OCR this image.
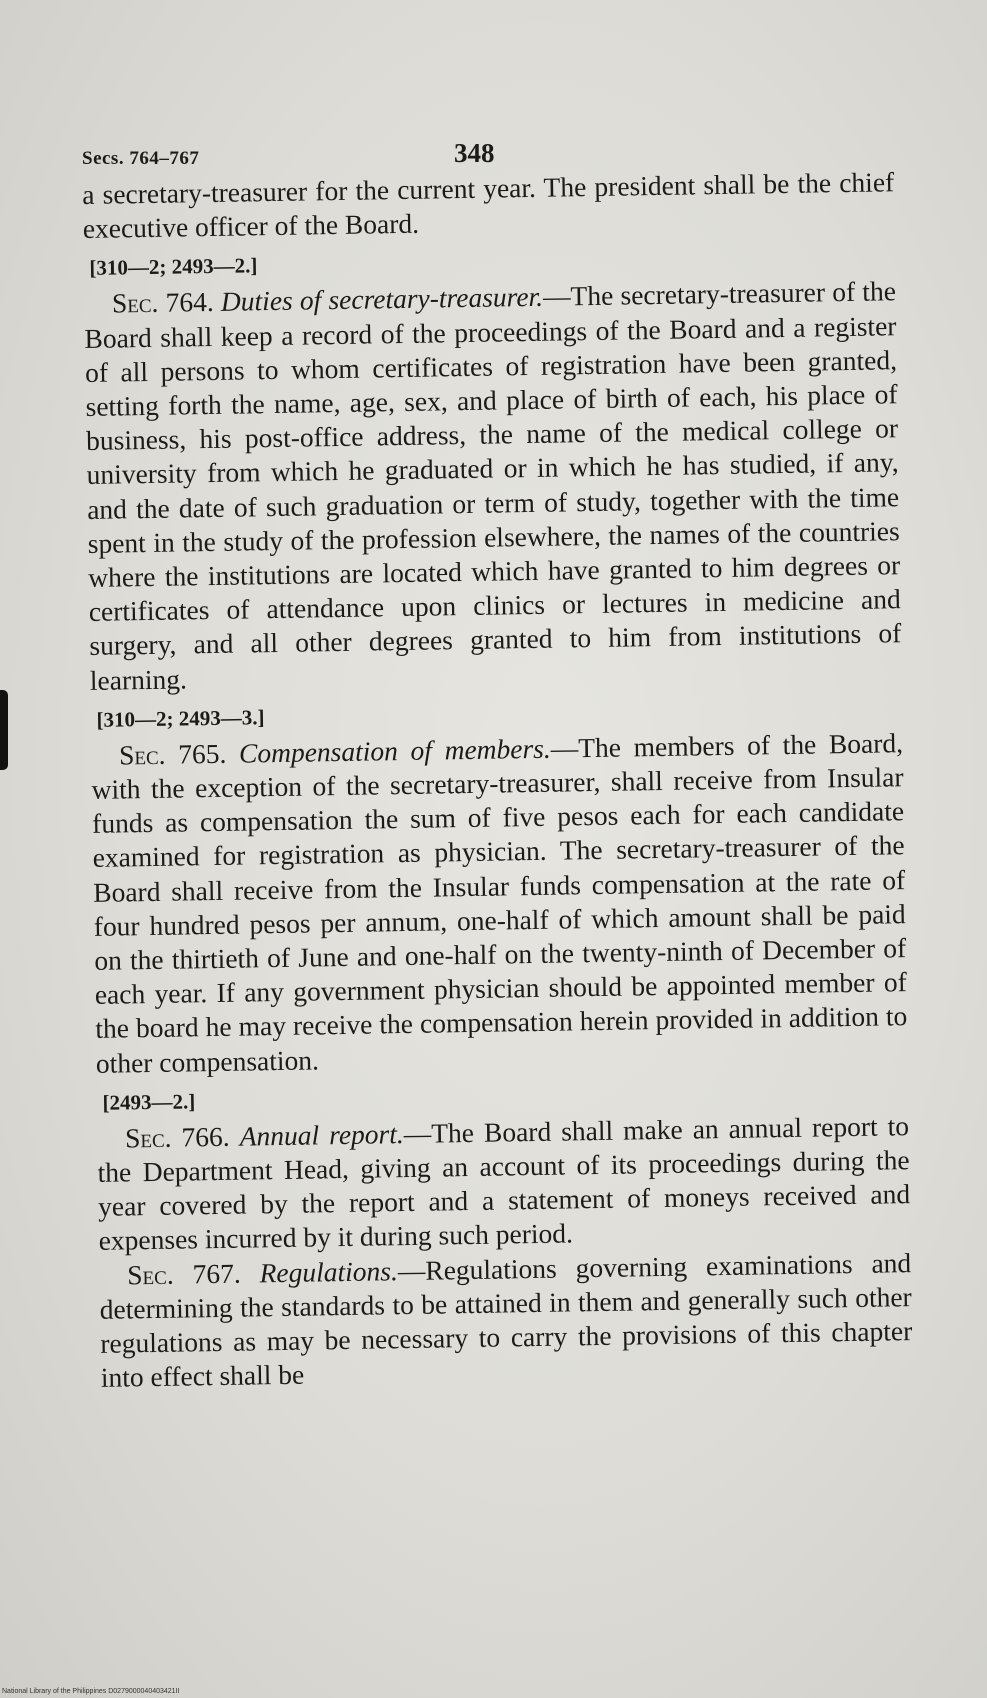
Secs. 764–767	348

a secretary-treasurer for the current year. The president shall be the chief executive officer of the Board.

[310—2; 2493—2.]

Sec. 764. Duties of secretary-treasurer.—The secretary-treasurer of the Board shall keep a record of the proceedings of the Board and a register of all persons to whom certificates of registration have been granted, setting forth the name, age, sex, and place of birth of each, his place of business, his post-office address, the name of the medical college or university from which he graduated or in which he has studied, if any, and the date of such graduation or term of study, together with the time spent in the study of the profession elsewhere, the names of the countries where the institutions are located which have granted to him degrees or certificates of attendance upon clinics or lectures in medicine and surgery, and all other degrees granted to him from institutions of learning.

[310—2; 2493—3.]

Sec. 765. Compensation of members.—The members of the Board, with the exception of the secretary-treasurer, shall receive from Insular funds as compensation the sum of five pesos each for each candidate examined for registration as physician. The secretary-treasurer of the Board shall receive from the Insular funds compensation at the rate of four hundred pesos per annum, one-half of which amount shall be paid on the thirtieth of June and one-half on the twenty-ninth of December of each year. If any government physician should be appointed member of the board he may receive the compensation herein provided in addition to other compensation.

[2493—2.]

Sec. 766. Annual report.—The Board shall make an annual report to the Department Head, giving an account of its proceedings during the year covered by the report and a statement of moneys received and expenses incurred by it during such period.

Sec. 767. Regulations.—Regulations governing examinations and determining the standards to be attained in them and generally such other regulations as may be necessary to carry the provisions of this chapter into effect shall be

National Library of the Philippines D0279000040403421II
